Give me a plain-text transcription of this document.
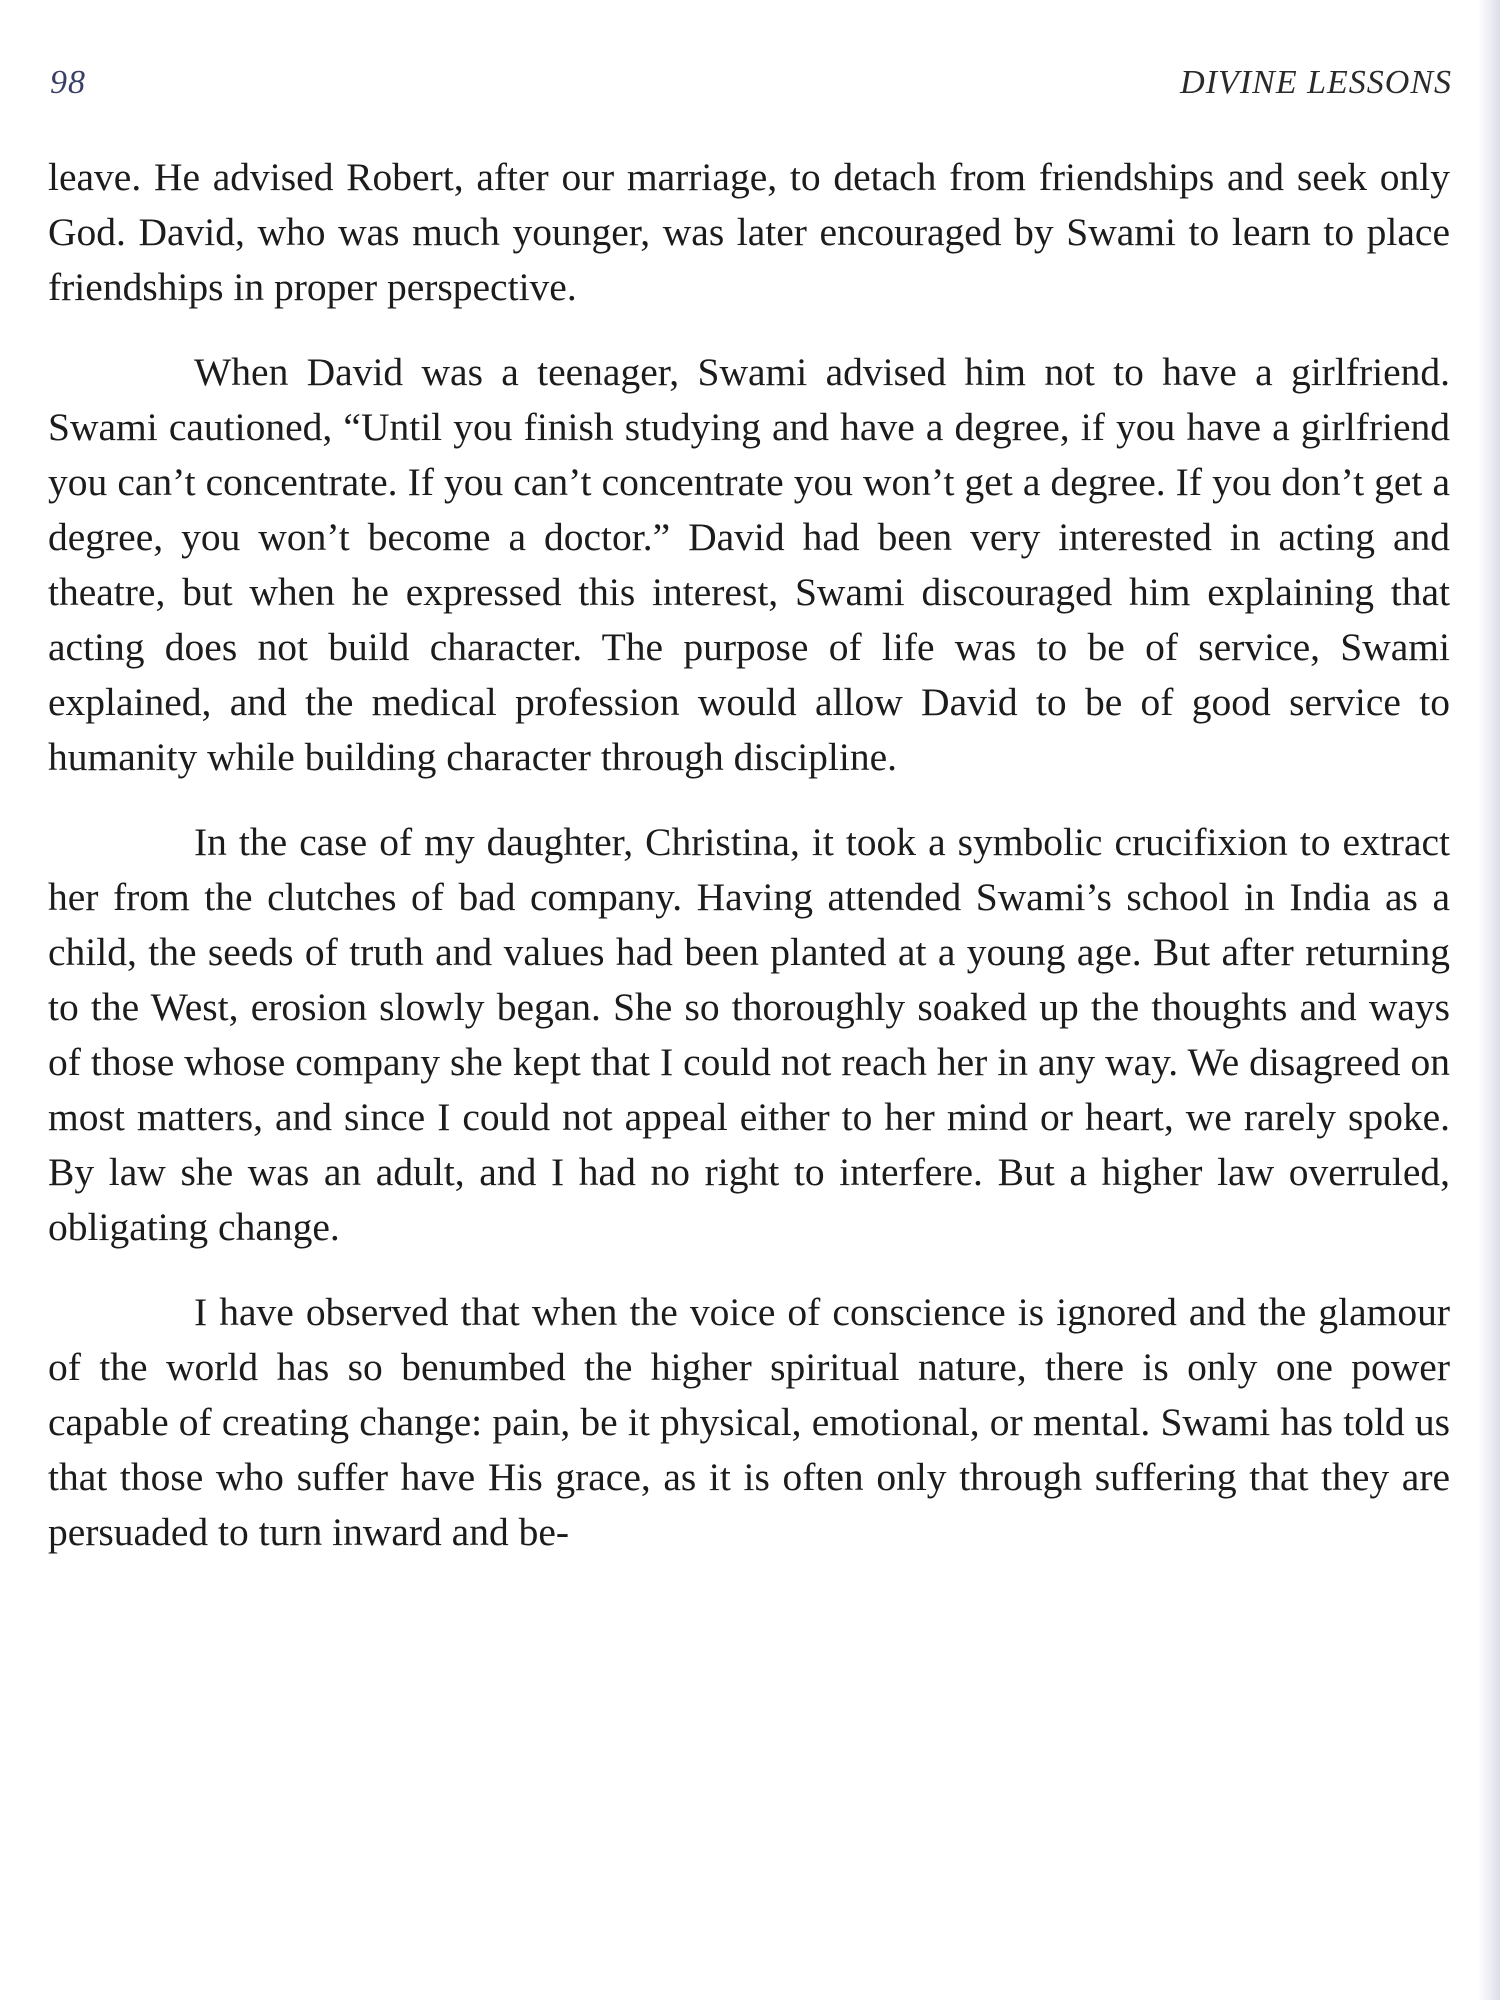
98	DIVINE LESSONS

leave. He advised Robert, after our marriage, to detach from friendships and seek only God. David, who was much younger, was later encouraged by Swami to learn to place friendships in proper perspective.

When David was a teenager, Swami advised him not to have a girlfriend. Swami cautioned, “Until you finish studying and have a degree, if you have a girlfriend you can’t concentrate. If you can’t concentrate you won’t get a degree. If you don’t get a degree, you won’t become a doctor.” David had been very interested in acting and theatre, but when he expressed this interest, Swami discouraged him explaining that acting does not build character. The purpose of life was to be of service, Swami explained, and the medical profession would allow David to be of good service to humanity while building character through discipline.

In the case of my daughter, Christina, it took a symbolic crucifixion to extract her from the clutches of bad company. Having attended Swami’s school in India as a child, the seeds of truth and values had been planted at a young age. But after returning to the West, erosion slowly began. She so thoroughly soaked up the thoughts and ways of those whose company she kept that I could not reach her in any way. We disagreed on most matters, and since I could not appeal either to her mind or heart, we rarely spoke. By law she was an adult, and I had no right to interfere. But a higher law overruled, obligating change.

I have observed that when the voice of conscience is ignored and the glamour of the world has so benumbed the higher spiritual nature, there is only one power capable of creating change: pain, be it physical, emotional, or mental. Swami has told us that those who suffer have His grace, as it is often only through suffering that they are persuaded to turn inward and be-
